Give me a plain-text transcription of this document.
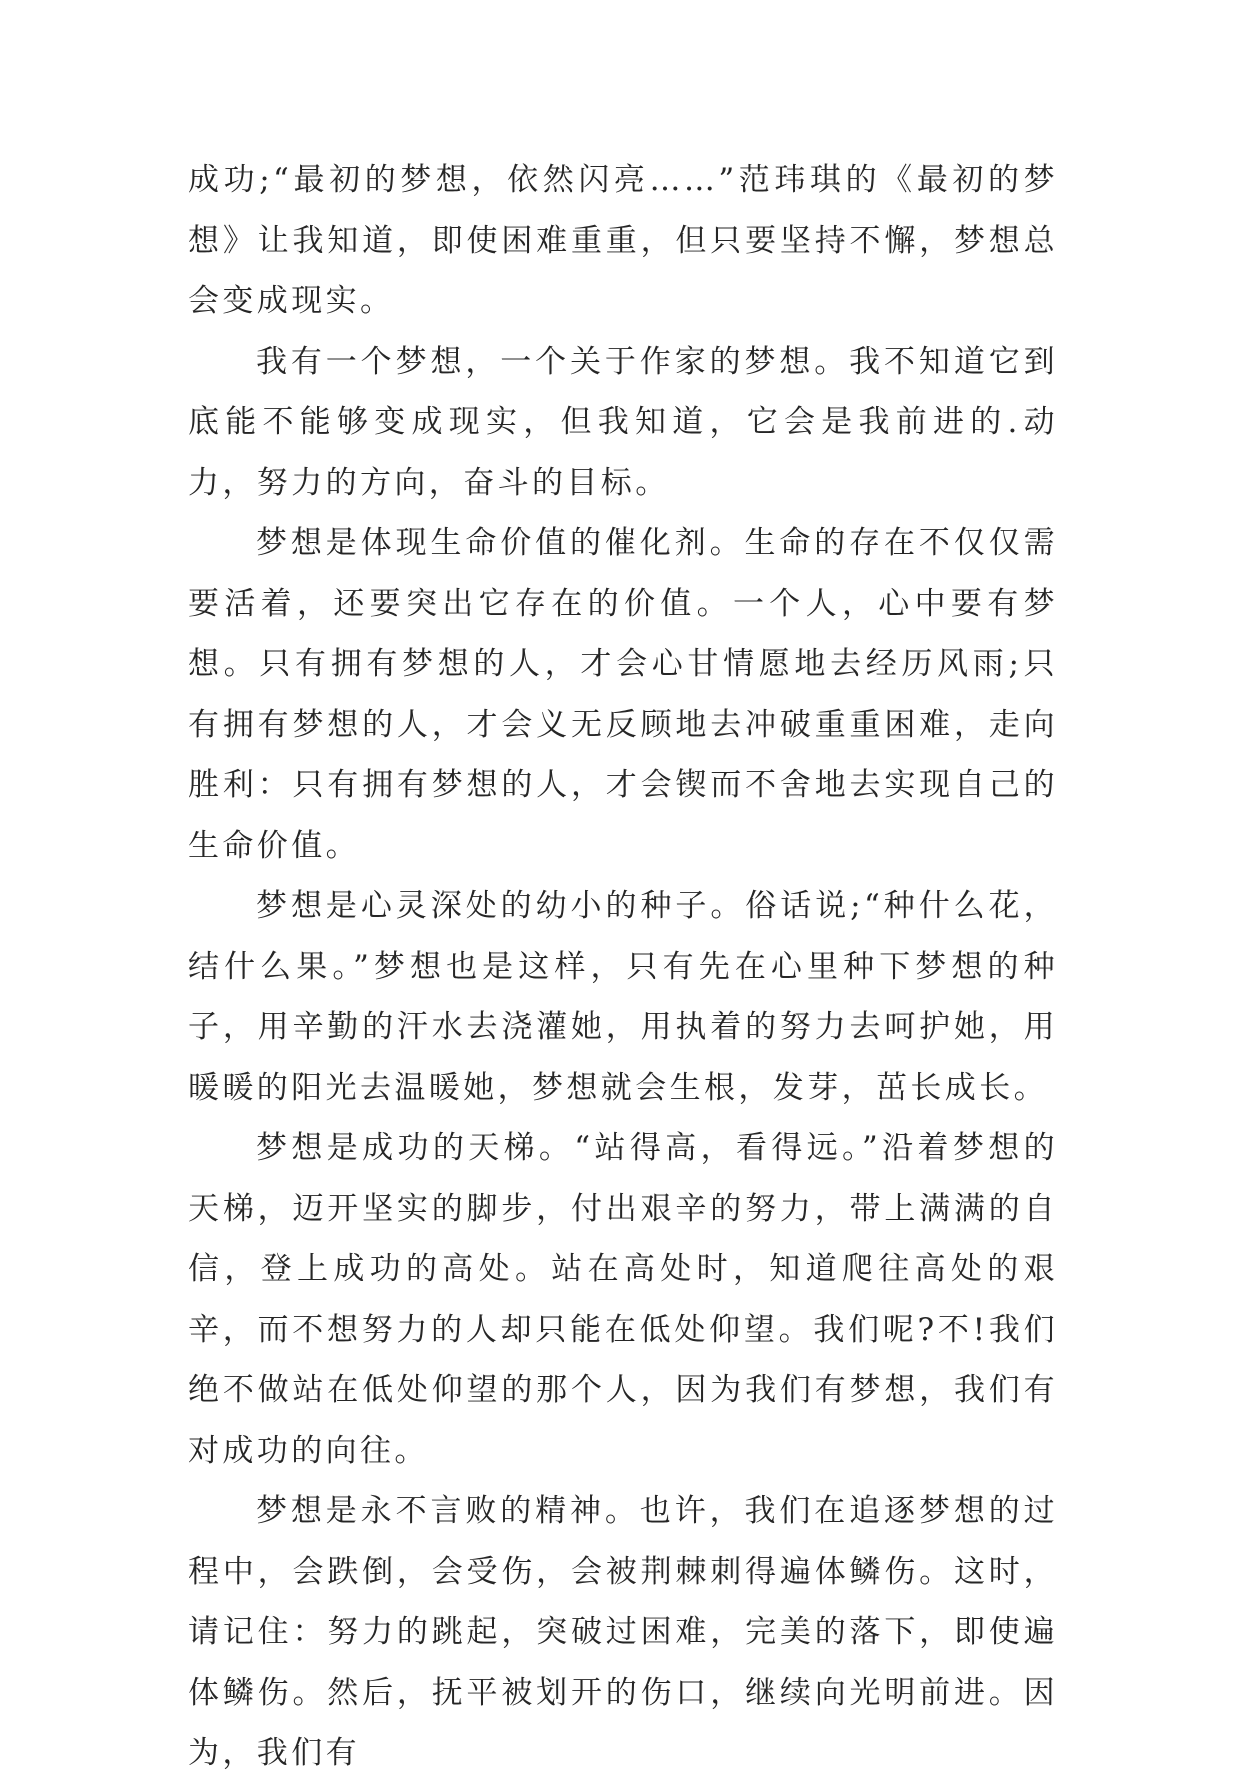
成功;“最初的梦想，依然闪亮……”范玮琪的《最初的梦想》让我知道，即使困难重重，但只要坚持不懈，梦想总会变成现实。

我有一个梦想，一个关于作家的梦想。我不知道它到底能不能够变成现实，但我知道，它会是我前进的.动力，努力的方向，奋斗的目标。

梦想是体现生命价值的催化剂。生命的存在不仅仅需要活着，还要突出它存在的价值。一个人，心中要有梦想。只有拥有梦想的人，才会心甘情愿地去经历风雨;只有拥有梦想的人，才会义无反顾地去冲破重重困难，走向胜利：只有拥有梦想的人，才会锲而不舍地去实现自己的生命价值。

梦想是心灵深处的幼小的种子。俗话说;“种什么花，结什么果。”梦想也是这样，只有先在心里种下梦想的种子，用辛勤的汗水去浇灌她，用执着的努力去呵护她，用暖暖的阳光去温暖她，梦想就会生根，发芽，茁长成长。

梦想是成功的天梯。“站得高，看得远。”沿着梦想的天梯，迈开坚实的脚步，付出艰辛的努力，带上满满的自信，登上成功的高处。站在高处时，知道爬往高处的艰辛，而不想努力的人却只能在低处仰望。我们呢?不!我们绝不做站在低处仰望的那个人，因为我们有梦想，我们有对成功的向往。

梦想是永不言败的精神。也许，我们在追逐梦想的过程中，会跌倒，会受伤，会被荆棘刺得遍体鳞伤。这时，请记住：努力的跳起，突破过困难，完美的落下，即使遍体鳞伤。然后，抚平被划开的伤口，继续向光明前进。因为，我们有
